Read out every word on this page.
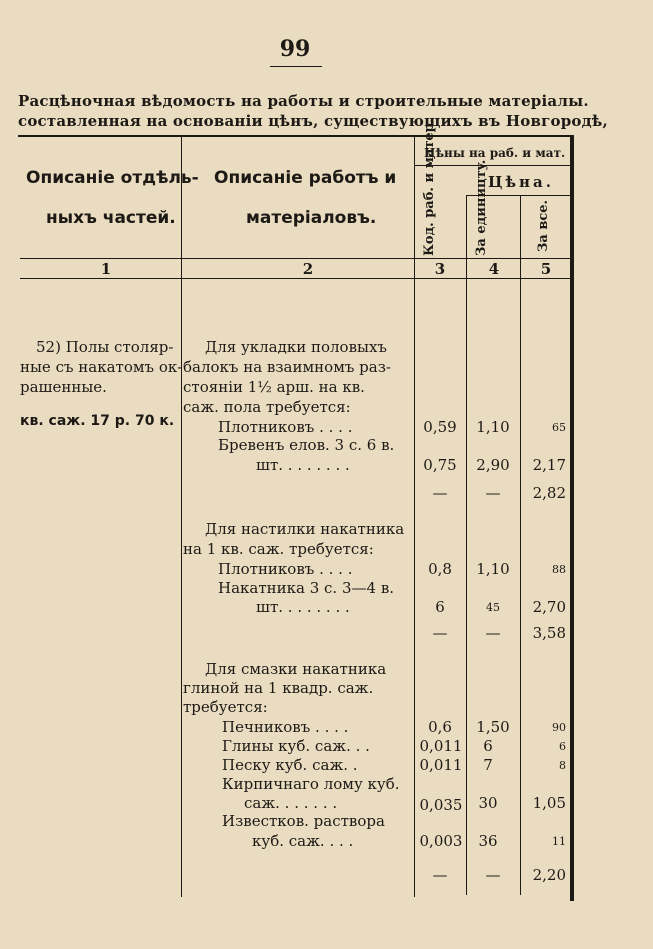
99
Расцѣночная вѣдомость на работы и строительные матеріалы.
составленная на основаніи цѣнъ, существующихъ въ Новгородѣ,
Описаніе отдѣль-
ныхъ частей.
Описаніе работъ и
матеріаловъ.
Цѣны на раб. и мат.
Код. раб. и матер.	Цѣна.
За едиництy.	За все.
1	2	3	4	5
52) Полы столяр-
ные съ накатомъ ок-
рашенные.
кв. саж. 17 р. 70 к.
Для укладки половыхъ
балокъ на взаимномъ раз-
стояніи 1½ арш. на кв.
саж. пола требуется:
Плотниковъ . . . .	0,59	1,10	65
Бревенъ елов. 3 с. 6 в.
шт. . . . . . . .	0,75	2,90	2,17
—	—	2,82
Для настилки накатника
на 1 кв. саж. требуется:
Плотниковъ . . . .	0,8	1,10	88
Накатника 3 с. 3—4 в.
шт. . . . . . . .	6	45	2,70
—	—	3,58
Для смазки накатника
глиной на 1 квадр. саж.
требуется:
Печниковъ . . . .	0,6	1,50	90
Глины куб. саж. . .	0,011	6	6
Песку куб. саж. .	0,011	7	8
Кирпичнаго лому куб.
саж. . . . . . .	0,035	30	1,05
Известков. раствора
куб. саж. . . .	0,003	36	11
—	—	2,20
